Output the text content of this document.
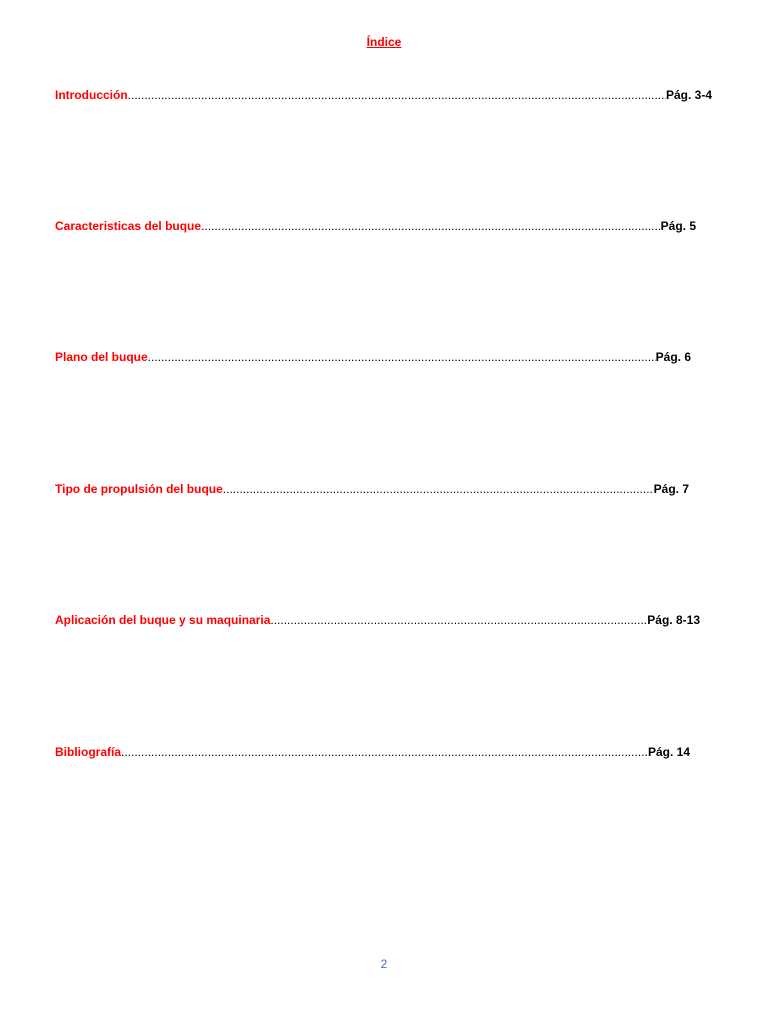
Índice
Introducción .....	Pág. 3-4
Caracteristicas del buque .....	Pág. 5
Plano del buque .....	Pág. 6
Tipo de propulsión del buque .....	Pág. 7
Aplicación del buque y su maquinaria .....	Pág. 8-13
Bibliografía .....	Pág. 14
2
